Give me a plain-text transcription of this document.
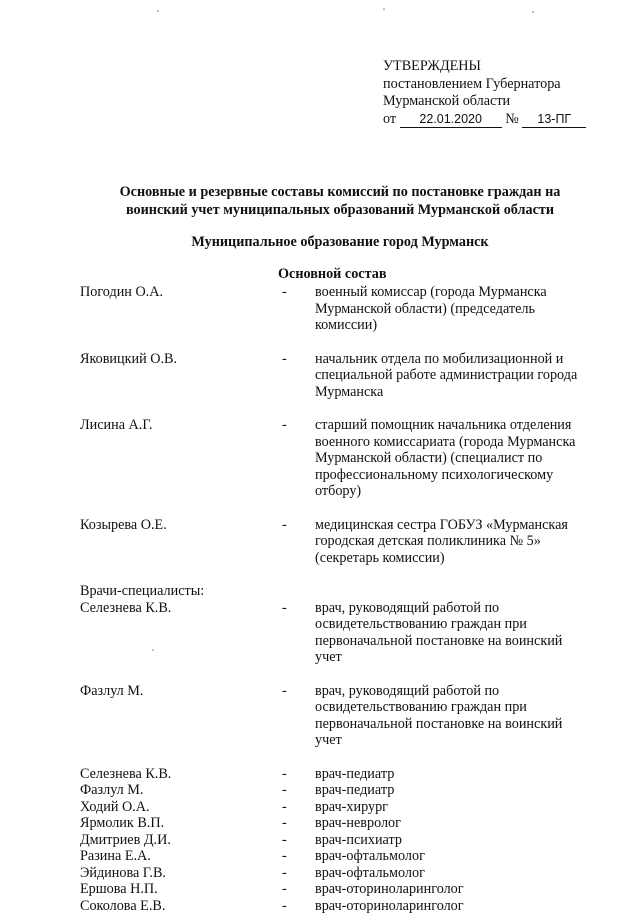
УТВЕРЖДЕНЫ
постановлением Губернатора
Мурманской области
от 22.01.2020 № 13-ПГ
Основные и резервные составы комиссий по постановке граждан на
воинский учет муниципальных образований Мурманской области
Муниципальное образование город Мурманск
Основной состав
Погодин О.А.	-	военный комиссар (города Мурманска
Мурманской области) (председатель
комиссии)
Яковицкий О.В.	-	начальник отдела по мобилизационной и
специальной работе администрации города
Мурманска
Лисина А.Г.	-	старший помощник начальника отделения
военного комиссариата (города Мурманска
Мурманской области) (специалист по
профессиональному психологическому
отбору)
Козырева О.Е.	-	медицинская сестра ГОБУЗ «Мурманская
городская детская поликлиника № 5»
(секретарь комиссии)
Врачи-специалисты:
Селезнева К.В.	-	врач, руководящий работой по
освидетельствованию граждан при
первоначальной постановке на воинский
учет
Фазлул М.	-	врач, руководящий работой по
освидетельствованию граждан при
первоначальной постановке на воинский
учет
Селезнева К.В.	-	врач-педиатр
Фазлул М.	-	врач-педиатр
Ходий О.А.	-	врач-хирург
Ярмолик В.П.	-	врач-невролог
Дмитриев Д.И.	-	врач-психиатр
Разина Е.А.	-	врач-офтальмолог
Эйдинова Г.В.	-	врач-офтальмолог
Ершова Н.П.	-	врач-оториноларинголог
Соколова Е.В.	-	врач-оториноларинголог
